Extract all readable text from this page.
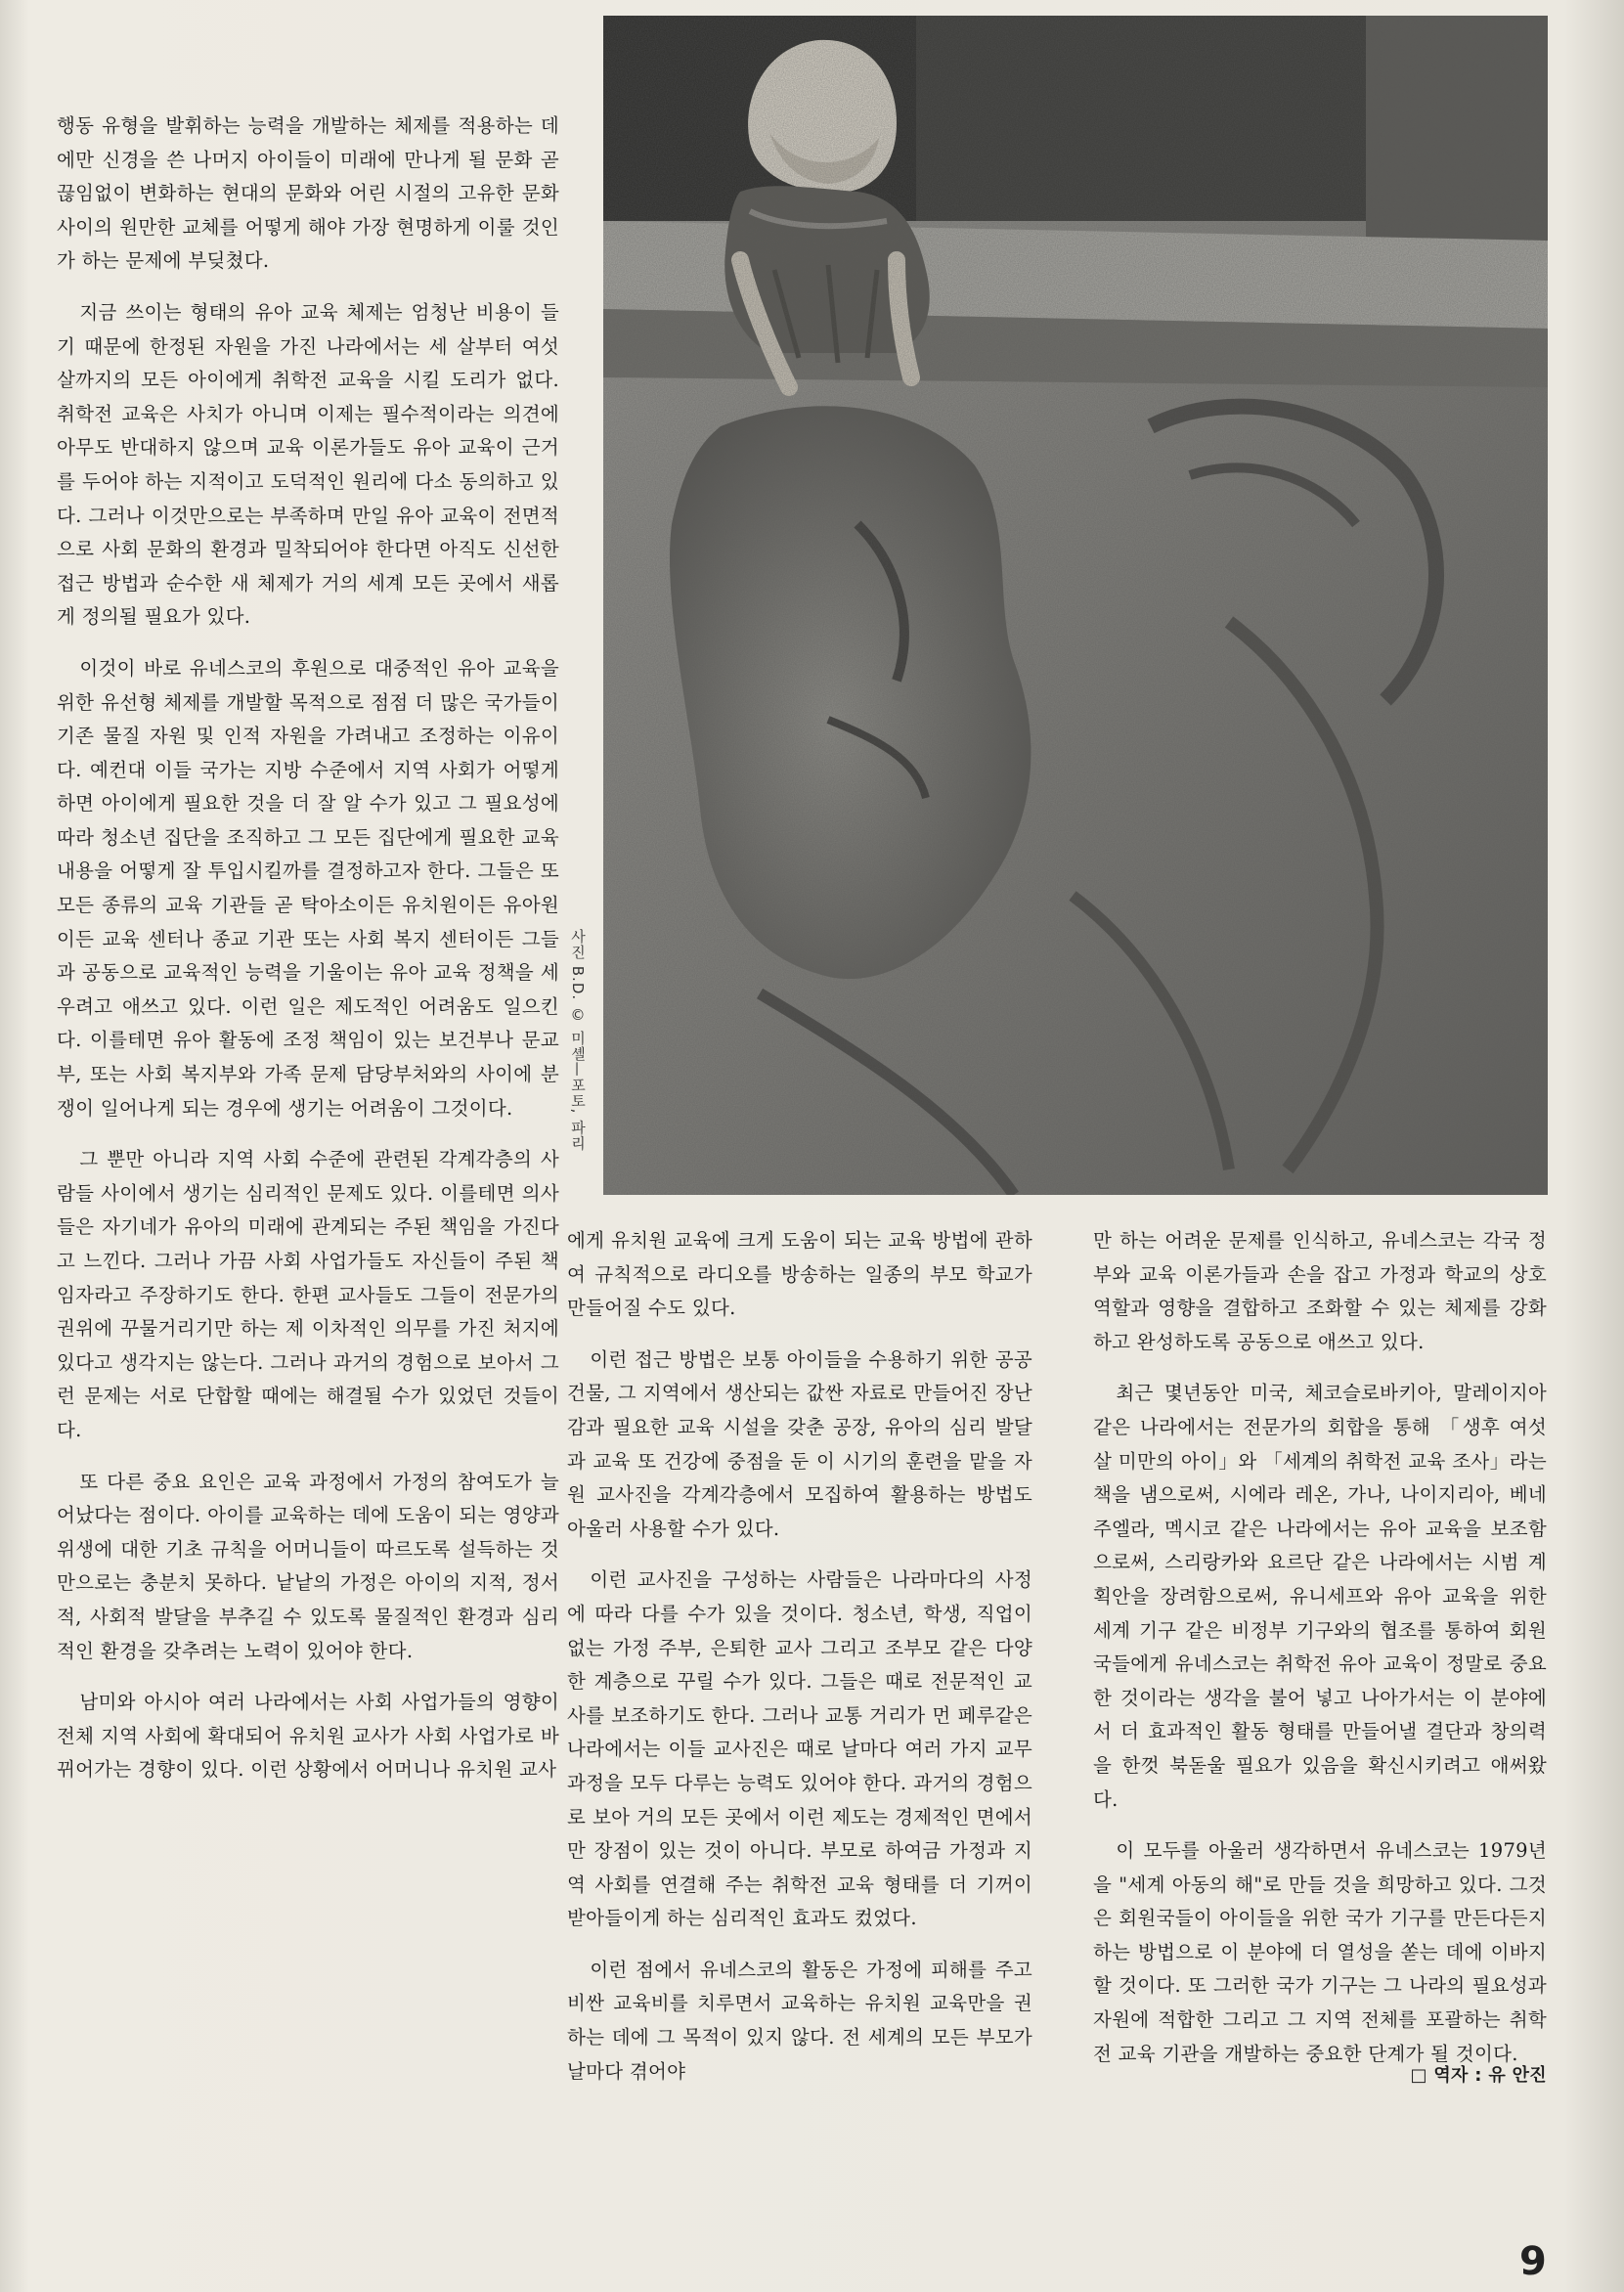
행동 유형을 발휘하는 능력을 개발하는 체제를 적용하는 데에만 신경을 쓴 나머지 아이들이 미래에 만나게 될 문화 곧 끊임없이 변화하는 현대의 문화와 어린 시절의 고유한 문화 사이의 원만한 교체를 어떻게 해야 가장 현명하게 이룰 것인가 하는 문제에 부딪쳤다.

지금 쓰이는 형태의 유아 교육 체제는 엄청난 비용이 들기 때문에 한정된 자원을 가진 나라에서는 세 살부터 여섯 살까지의 모든 아이에게 취학전 교육을 시킬 도리가 없다. 취학전 교육은 사치가 아니며 이제는 필수적이라는 의견에 아무도 반대하지 않으며 교육 이론가들도 유아 교육이 근거를 두어야 하는 지적이고 도덕적인 원리에 다소 동의하고 있다. 그러나 이것만으로는 부족하며 만일 유아 교육이 전면적으로 사회 문화의 환경과 밀착되어야 한다면 아직도 신선한 접근 방법과 순수한 새 체제가 거의 세계 모든 곳에서 새롭게 정의될 필요가 있다.

이것이 바로 유네스코의 후원으로 대중적인 유아 교육을 위한 유선형 체제를 개발할 목적으로 점점 더 많은 국가들이 기존 물질 자원 및 인적 자원을 가려내고 조정하는 이유이다. 예컨대 이들 국가는 지방 수준에서 지역 사회가 어떻게 하면 아이에게 필요한 것을 더 잘 알 수가 있고 그 필요성에 따라 청소년 집단을 조직하고 그 모든 집단에게 필요한 교육 내용을 어떻게 잘 투입시킬까를 결정하고자 한다. 그들은 또 모든 종류의 교육 기관들 곧 탁아소이든 유치원이든 유아원이든 교육 센터나 종교 기관 또는 사회 복지 센터이든 그들과 공동으로 교육적인 능력을 기울이는 유아 교육 정책을 세우려고 애쓰고 있다. 이런 일은 제도적인 어려움도 일으킨다. 이를테면 유아 활동에 조정 책임이 있는 보건부나 문교부, 또는 사회 복지부와 가족 문제 담당부처와의 사이에 분쟁이 일어나게 되는 경우에 생기는 어려움이 그것이다.

그 뿐만 아니라 지역 사회 수준에 관련된 각계각층의 사람들 사이에서 생기는 심리적인 문제도 있다. 이를테면 의사들은 자기네가 유아의 미래에 관계되는 주된 책임을 가진다고 느낀다. 그러나 가끔 사회 사업가들도 자신들이 주된 책임자라고 주장하기도 한다. 한편 교사들도 그들이 전문가의 권위에 꾸물거리기만 하는 제 이차적인 의무를 가진 처지에 있다고 생각지는 않는다. 그러나 과거의 경험으로 보아서 그런 문제는 서로 단합할 때에는 해결될 수가 있었던 것들이다.

또 다른 중요 요인은 교육 과정에서 가정의 참여도가 늘어났다는 점이다. 아이를 교육하는 데에 도움이 되는 영양과 위생에 대한 기초 규칙을 어머니들이 따르도록 설득하는 것만으로는 충분치 못하다. 낱낱의 가정은 아이의 지적, 정서적, 사회적 발달을 부추길 수 있도록 물질적인 환경과 심리적인 환경을 갖추려는 노력이 있어야 한다.

남미와 아시아 여러 나라에서는 사회 사업가들의 영향이 전체 지역 사회에 확대되어 유치원 교사가 사회 사업가로 바뀌어가는 경향이 있다. 이런 상황에서 어머니나 유치원 교사

사진 B.D. © 미셸—포토, 파리

에게 유치원 교육에 크게 도움이 되는 교육 방법에 관하여 규칙적으로 라디오를 방송하는 일종의 부모 학교가 만들어질 수도 있다.

이런 접근 방법은 보통 아이들을 수용하기 위한 공공 건물, 그 지역에서 생산되는 값싼 자료로 만들어진 장난감과 필요한 교육 시설을 갖춘 공장, 유아의 심리 발달과 교육 또 건강에 중점을 둔 이 시기의 훈련을 맡을 자원 교사진을 각계각층에서 모집하여 활용하는 방법도 아울러 사용할 수가 있다.

이런 교사진을 구성하는 사람들은 나라마다의 사정에 따라 다를 수가 있을 것이다. 청소년, 학생, 직업이 없는 가정 주부, 은퇴한 교사 그리고 조부모 같은 다양한 계층으로 꾸릴 수가 있다. 그들은 때로 전문적인 교사를 보조하기도 한다. 그러나 교통 거리가 먼 페루같은 나라에서는 이들 교사진은 때로 날마다 여러 가지 교무 과정을 모두 다루는 능력도 있어야 한다. 과거의 경험으로 보아 거의 모든 곳에서 이런 제도는 경제적인 면에서만 장점이 있는 것이 아니다. 부모로 하여금 가정과 지역 사회를 연결해 주는 취학전 교육 형태를 더 기꺼이 받아들이게 하는 심리적인 효과도 컸었다.

이런 점에서 유네스코의 활동은 가정에 피해를 주고 비싼 교육비를 치루면서 교육하는 유치원 교육만을 권하는 데에 그 목적이 있지 않다. 전 세계의 모든 부모가 날마다 겪어야

만 하는 어려운 문제를 인식하고, 유네스코는 각국 정부와 교육 이론가들과 손을 잡고 가정과 학교의 상호 역할과 영향을 결합하고 조화할 수 있는 체제를 강화하고 완성하도록 공동으로 애쓰고 있다.

최근 몇년동안 미국, 체코슬로바키아, 말레이지아 같은 나라에서는 전문가의 회합을 통해 「생후 여섯 살 미만의 아이」와 「세계의 취학전 교육 조사」라는 책을 냄으로써, 시에라 레온, 가나, 나이지리아, 베네주엘라, 멕시코 같은 나라에서는 유아 교육을 보조함으로써, 스리랑카와 요르단 같은 나라에서는 시범 계획안을 장려함으로써, 유니세프와 유아 교육을 위한 세계 기구 같은 비정부 기구와의 협조를 통하여 회원국들에게 유네스코는 취학전 유아 교육이 정말로 중요한 것이라는 생각을 불어 넣고 나아가서는 이 분야에서 더 효과적인 활동 형태를 만들어낼 결단과 창의력을 한껏 북돋울 필요가 있음을 확신시키려고 애써왔다.

이 모두를 아울러 생각하면서 유네스코는 1979년을 "세계 아동의 해"로 만들 것을 희망하고 있다. 그것은 회원국들이 아이들을 위한 국가 기구를 만든다든지 하는 방법으로 이 분야에 더 열성을 쏟는 데에 이바지할 것이다. 또 그러한 국가 기구는 그 나라의 필요성과 자원에 적합한 그리고 그 지역 전체를 포괄하는 취학전 교육 기관을 개발하는 중요한 단계가 될 것이다.

□ 역자 : 유 안진
9
